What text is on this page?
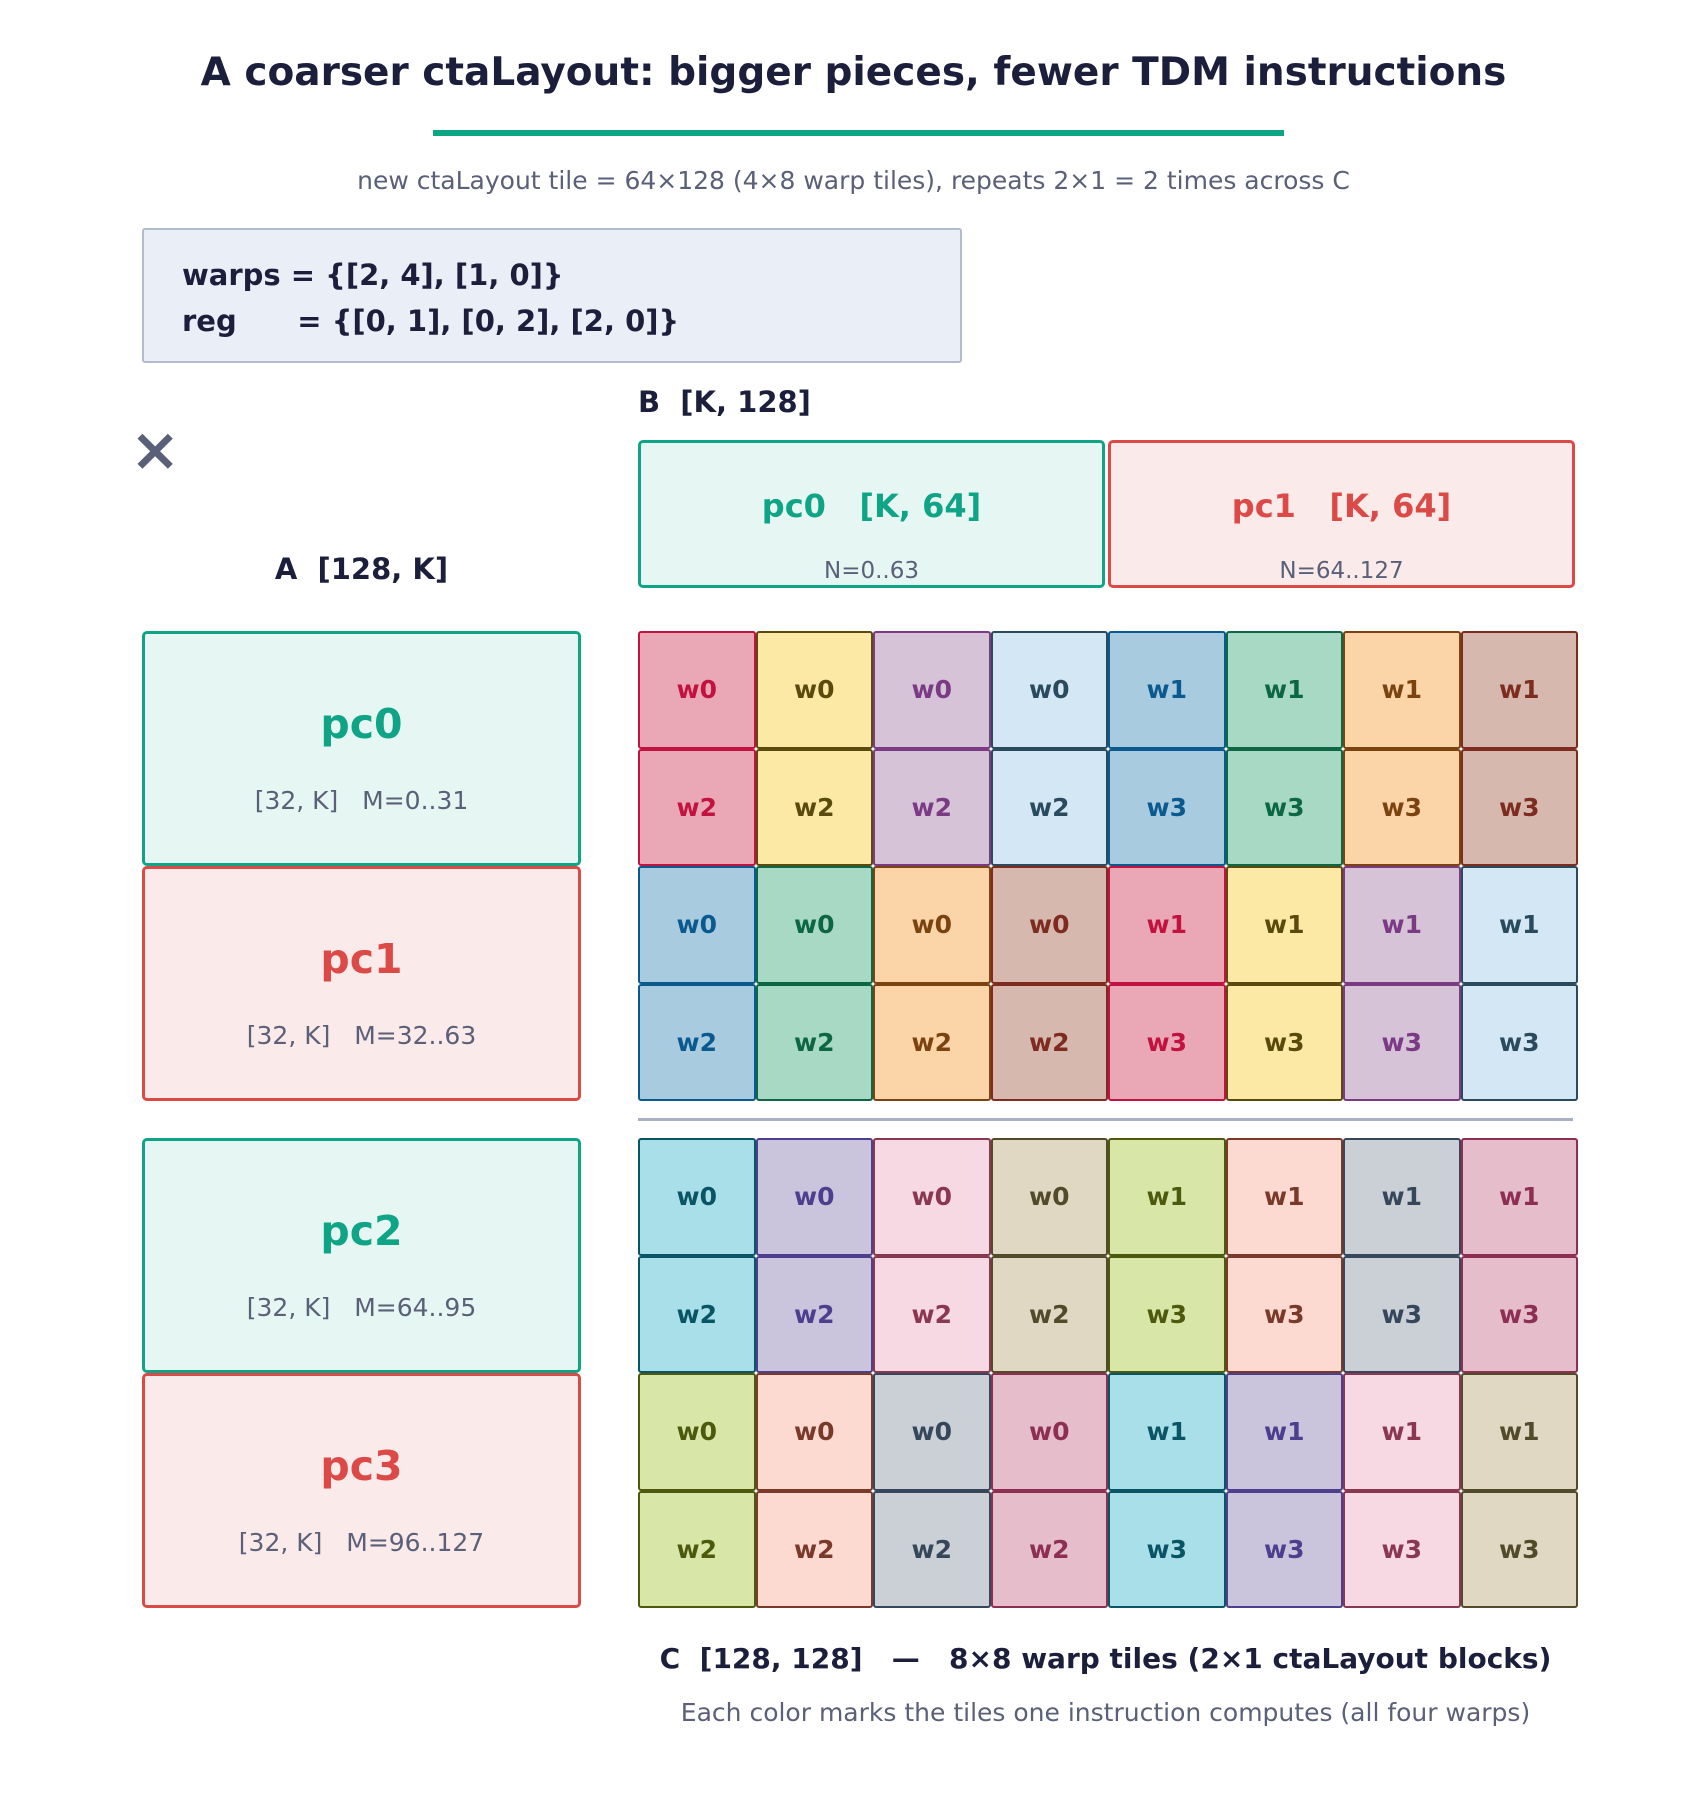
A coarser ctaLayout: bigger pieces, fewer TDM instructions
new ctaLayout tile = 64×128 (4×8 warp tiles), repeats 2×1 = 2 times across C
warps = {[2, 4], [1, 0]}
reg      = {[0, 1], [0, 2], [2, 0]}
×
B  [K, 128]
pc0   [K, 64]
N=0..63
pc1   [K, 64]
N=64..127
A  [128, K]
pc0
[32, K]   M=0..31
pc1
[32, K]   M=32..63
pc2
[32, K]   M=64..95
pc3
[32, K]   M=96..127
w0	w0	w0	w0	w1	w1	w1	w1
w2	w2	w2	w2	w3	w3	w3	w3
w0	w0	w0	w0	w1	w1	w1	w1
w2	w2	w2	w2	w3	w3	w3	w3
w0	w0	w0	w0	w1	w1	w1	w1
w2	w2	w2	w2	w3	w3	w3	w3
w0	w0	w0	w0	w1	w1	w1	w1
w2	w2	w2	w2	w3	w3	w3	w3
C  [128, 128]   —   8×8 warp tiles (2×1 ctaLayout blocks)
Each color marks the tiles one instruction computes (all four warps)
